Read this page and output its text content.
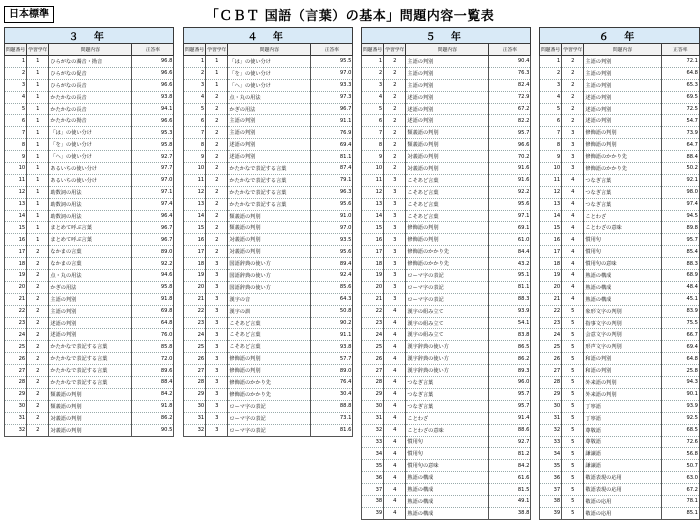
日本標準	「ＣＢＴ 国語（言葉）の基本」問題内容一覧表
３ 年			
問題番号	学習学年	問題内容	正答率
1	1	ひらがなの濁音・拗音	96.8
2	1	ひらがなの促音	96.6
3	1	ひらがなの長音	96.6
4	1	かたかなの長音	93.8
5	1	かたかなの長音	94.1
6	1	かたかなの拗音	96.6
7	1	「は」の使い分け	95.3
8	1	「を」の使い分け	95.8
9	1	「へ」の使い分け	92.7
10	1	あるいちの使い分け	97.7
11	1	あるいちの使い分け	97.0
12	1	助数詞の用法	97.1
13	1	助数詞の用法	97.4
14	1	助数詞の用法	96.4
15	1	まとめて呼ぶ言葉	96.7
16	1	まとめて呼ぶ言葉	96.7
17	2	なかまの言葉	89.0
18	2	なかまの言葉	92.2
19	2	点・丸の用法	94.6
20	2	かぎの用法	95.8
21	2	主語の判別	91.8
22	2	主語の判別	69.8
23	2	述語の判別	64.8
24	2	述語の判別	76.0
25	2	かたかなで表記する言葉	85.8
26	2	かたかなで表記する言葉	72.0
27	2	かたかなで表記する言葉	89.6
28	2	かたかなで表記する言葉	88.4
29	2	類義語の判別	84.2
30	2	類義語の判別	91.8
31	2	対義語の判別	86.2
32	2	対義語の判別	90.5
４ 年			
問題番号	学習学年	問題内容	正答率
1	1	「は」の使い分け	95.5
2	1	「を」の使い分け	97.0
3	1	「へ」の使い分け	93.3
4	2	点・丸の用法	97.3
5	2	かぎの用法	96.7
6	2	主語の判別	91.1
7	2	主語の判別	76.9
8	2	述語の判別	69.4
9	2	述語の判別	81.1
10	2	かたかなで表記する言葉	87.4
11	2	かたかなで表記する言葉	79.1
12	2	かたかなで表記する言葉	96.3
13	2	かたかなで表記する言葉	95.6
14	2	類義語の判別	91.0
15	2	類義語の判別	97.0
16	2	対義語の判別	93.5
17	2	対義語の判別	95.6
18	3	国語辞典の使い方	89.4
19	3	国語辞典の使い方	92.4
20	3	国語辞典の使い方	85.6
21	3	漢字の音	64.3
22	3	漢字の訓	50.8
23	3	こそあど言葉	90.2
24	3	こそあど言葉	91.1
25	3	こそあど言葉	93.8
26	3	修飾語の判別	57.7
27	3	修飾語の判別	89.0
28	3	修飾語のかかり先	76.4
29	3	修飾語のかかり先	30.4
30	3	ローマ字の表記	88.8
31	3	ローマ字の表記	73.1
32	3	ローマ字の表記	81.6
５ 年			
問題番号	学習学年	問題内容	正答率
1	2	主語の判別	90.4
2	2	主語の判別	76.3
3	2	主語の判別	82.4
4	2	述語の判別	72.9
5	2	述語の判別	67.2
6	2	述語の判別	82.2
7	2	類義語の判別	95.7
8	2	類義語の判別	96.6
9	2	対義語の判別	70.2
10	2	対義語の判別	91.6
11	3	こそあど言葉	91.6
12	3	こそあど言葉	92.2
13	3	こそあど言葉	95.6
14	3	こそあど言葉	97.1
15	3	修飾語の判別	69.1
16	3	修飾語の判別	61.0
17	3	修飾語のかかり先	84.4
18	3	修飾語のかかり先	43.2
19	3	ローマ字の表記	95.1
20	3	ローマ字の表記	81.1
21	3	ローマ字の表記	88.3
22	4	漢字の組み立て	93.9
23	4	漢字の組み立て	54.1
24	4	漢字の組み立て	83.8
25	4	漢字辞典の使い方	86.5
26	4	漢字辞典の使い方	86.2
27	4	漢字辞典の使い方	89.3
28	4	つなぎ言葉	96.0
29	4	つなぎ言葉	95.7
30	4	つなぎ言葉	95.7
31	4	ことわざ	91.4
32	4	ことわざの意味	88.6
33	4	慣用句	92.7
34	4	慣用句	81.2
35	4	慣用句の意味	84.2
36	4	熟語の構成	61.6
37	4	熟語の構成	81.5
38	4	熟語の構成	49.1
39	4	熟語の構成	38.8
６ 年			
問題番号	学習学年	問題内容	正答率
1	2	主語の判別	72.1
2	2	主語の判別	64.8
3	2	主語の判別	65.3
4	2	述語の判別	69.5
5	2	述語の判別	72.5
6	2	述語の判別	54.7
7	3	修飾語の判別	73.9
8	3	修飾語の判別	64.7
9	3	修飾語のかかり先	88.4
10	3	修飾語のかかり先	50.2
11	4	つなぎ言葉	92.1
12	4	つなぎ言葉	98.0
13	4	つなぎ言葉	97.4
14	4	ことわざ	94.5
15	4	ことわざの意味	89.8
16	4	慣用句	95.7
17	4	慣用句	85.4
18	4	慣用句の意味	88.3
19	4	熟語の構成	68.9
20	4	熟語の構成	48.4
21	4	熟語の構成	45.1
22	5	象形文字の判別	83.9
23	5	指事文字の判別	75.5
24	5	会意文字の判別	66.7
25	5	形声文字の判別	69.4
26	5	和語の判別	64.8
27	5	和語の判別	25.8
28	5	外来語の判別	94.3
29	5	外来語の判別	90.1
30	5	丁寧語	93.9
31	5	丁寧語	92.5
32	5	尊敬語	68.5
33	5	尊敬語	72.6
34	5	謙譲語	56.8
35	5	謙譲語	50.7
36	5	敬語表現の応用	63.0
37	5	敬語表現の応用	67.2
38	5	敬語の応用	78.1
39	5	敬語の応用	85.1
